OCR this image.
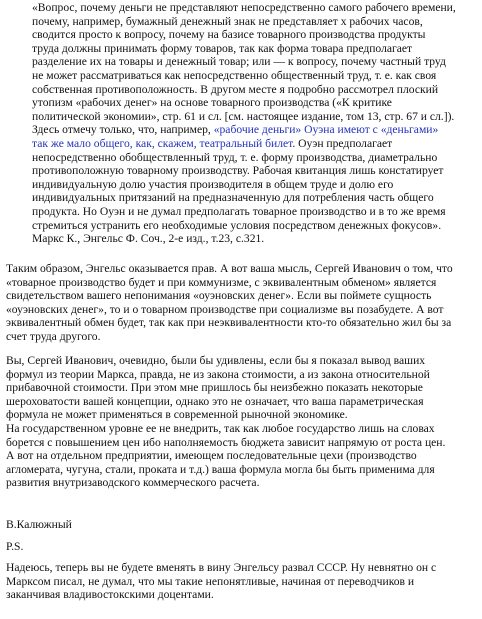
«Вопрос, почему деньги не представляют непосредственно самого рабочего времени,
почему, например, бумажный денежный знак не представляет х рабочих часов,
сводится просто к вопросу, почему на базисе товарного производства продукты
труда должны принимать форму товаров, так как форма товара предполагает
разделение их на товары и денежный товар; или — к вопросу, почему частный труд
не может рассматриваться как непосредственно общественный труд, т. е. как своя
собственная противоположность. В другом месте я подробно рассмотрел плоский
утопизм «рабочих денег» на основе товарного производства («К критике
политической экономии», стр. 61 и сл. [см. настоящее издание, том 13, стр. 67 и сл.]).
Здесь отмечу только, что, например, «рабочие деньги» Оуэна имеют с «деньгами»
так же мало общего, как, скажем, театральный билет. Оуэн предполагает
непосредственно обобществленный труд, т. е. форму производства, диаметрально
противоположную товарному производству. Рабочая квитанция лишь констатирует
индивидуальную долю участия производителя в общем труде и долю его
индивидуальных притязаний на предназначенную для потребления часть общего
продукта. Но Оуэн и не думал предполагать товарное производство и в то же время
стремиться устранить его необходимые условия посредством денежных фокусов».
Маркс К., Энгельс Ф. Соч., 2-е изд., т.23, с.321.
Таким образом, Энгельс оказывается прав. А вот ваша мысль, Сергей Иванович о том, что
«товарное производство будет и при коммунизме, с эквивалентным обменом» является
свидетельством вашего непонимания «оуэновских денег». Если вы поймете сущность
«оуэновских денег», то и о товарном производстве при социализме вы позабудете. А вот
эквивалентный обмен будет, так как при неэквивалентности кто-то обязательно жил бы за
счет труда другого.
Вы, Сергей Иванович, очевидно, были бы удивлены, если бы я показал вывод ваших
формул из теории Маркса, правда, не из закона стоимости, а из закона относительной
прибавочной стоимости. При этом мне пришлось бы неизбежно показать некоторые
шероховатости вашей концепции, однако это не означает, что ваша параметрическая
формула не может применяться в современной рыночной экономике.
На государственном уровне ее не внедрить, так как любое государство лишь на словах
борется с повышением цен ибо наполняемость бюджета зависит напрямую от роста цен.
А вот на отдельном предприятии, имеющем последовательные цехи (производство
агломерата, чугуна, стали, проката и т.д.) ваша формула могла бы быть применима для
развития внутризаводского коммерческого расчета.
В.Калюжный
P.S.
Надеюсь, теперь вы не будете вменять в вину Энгельсу развал СССР. Ну невнятно он с
Марксом писал, не думал, что мы такие непонятливые, начиная от переводчиков и
заканчивая владивостокскими доцентами.
